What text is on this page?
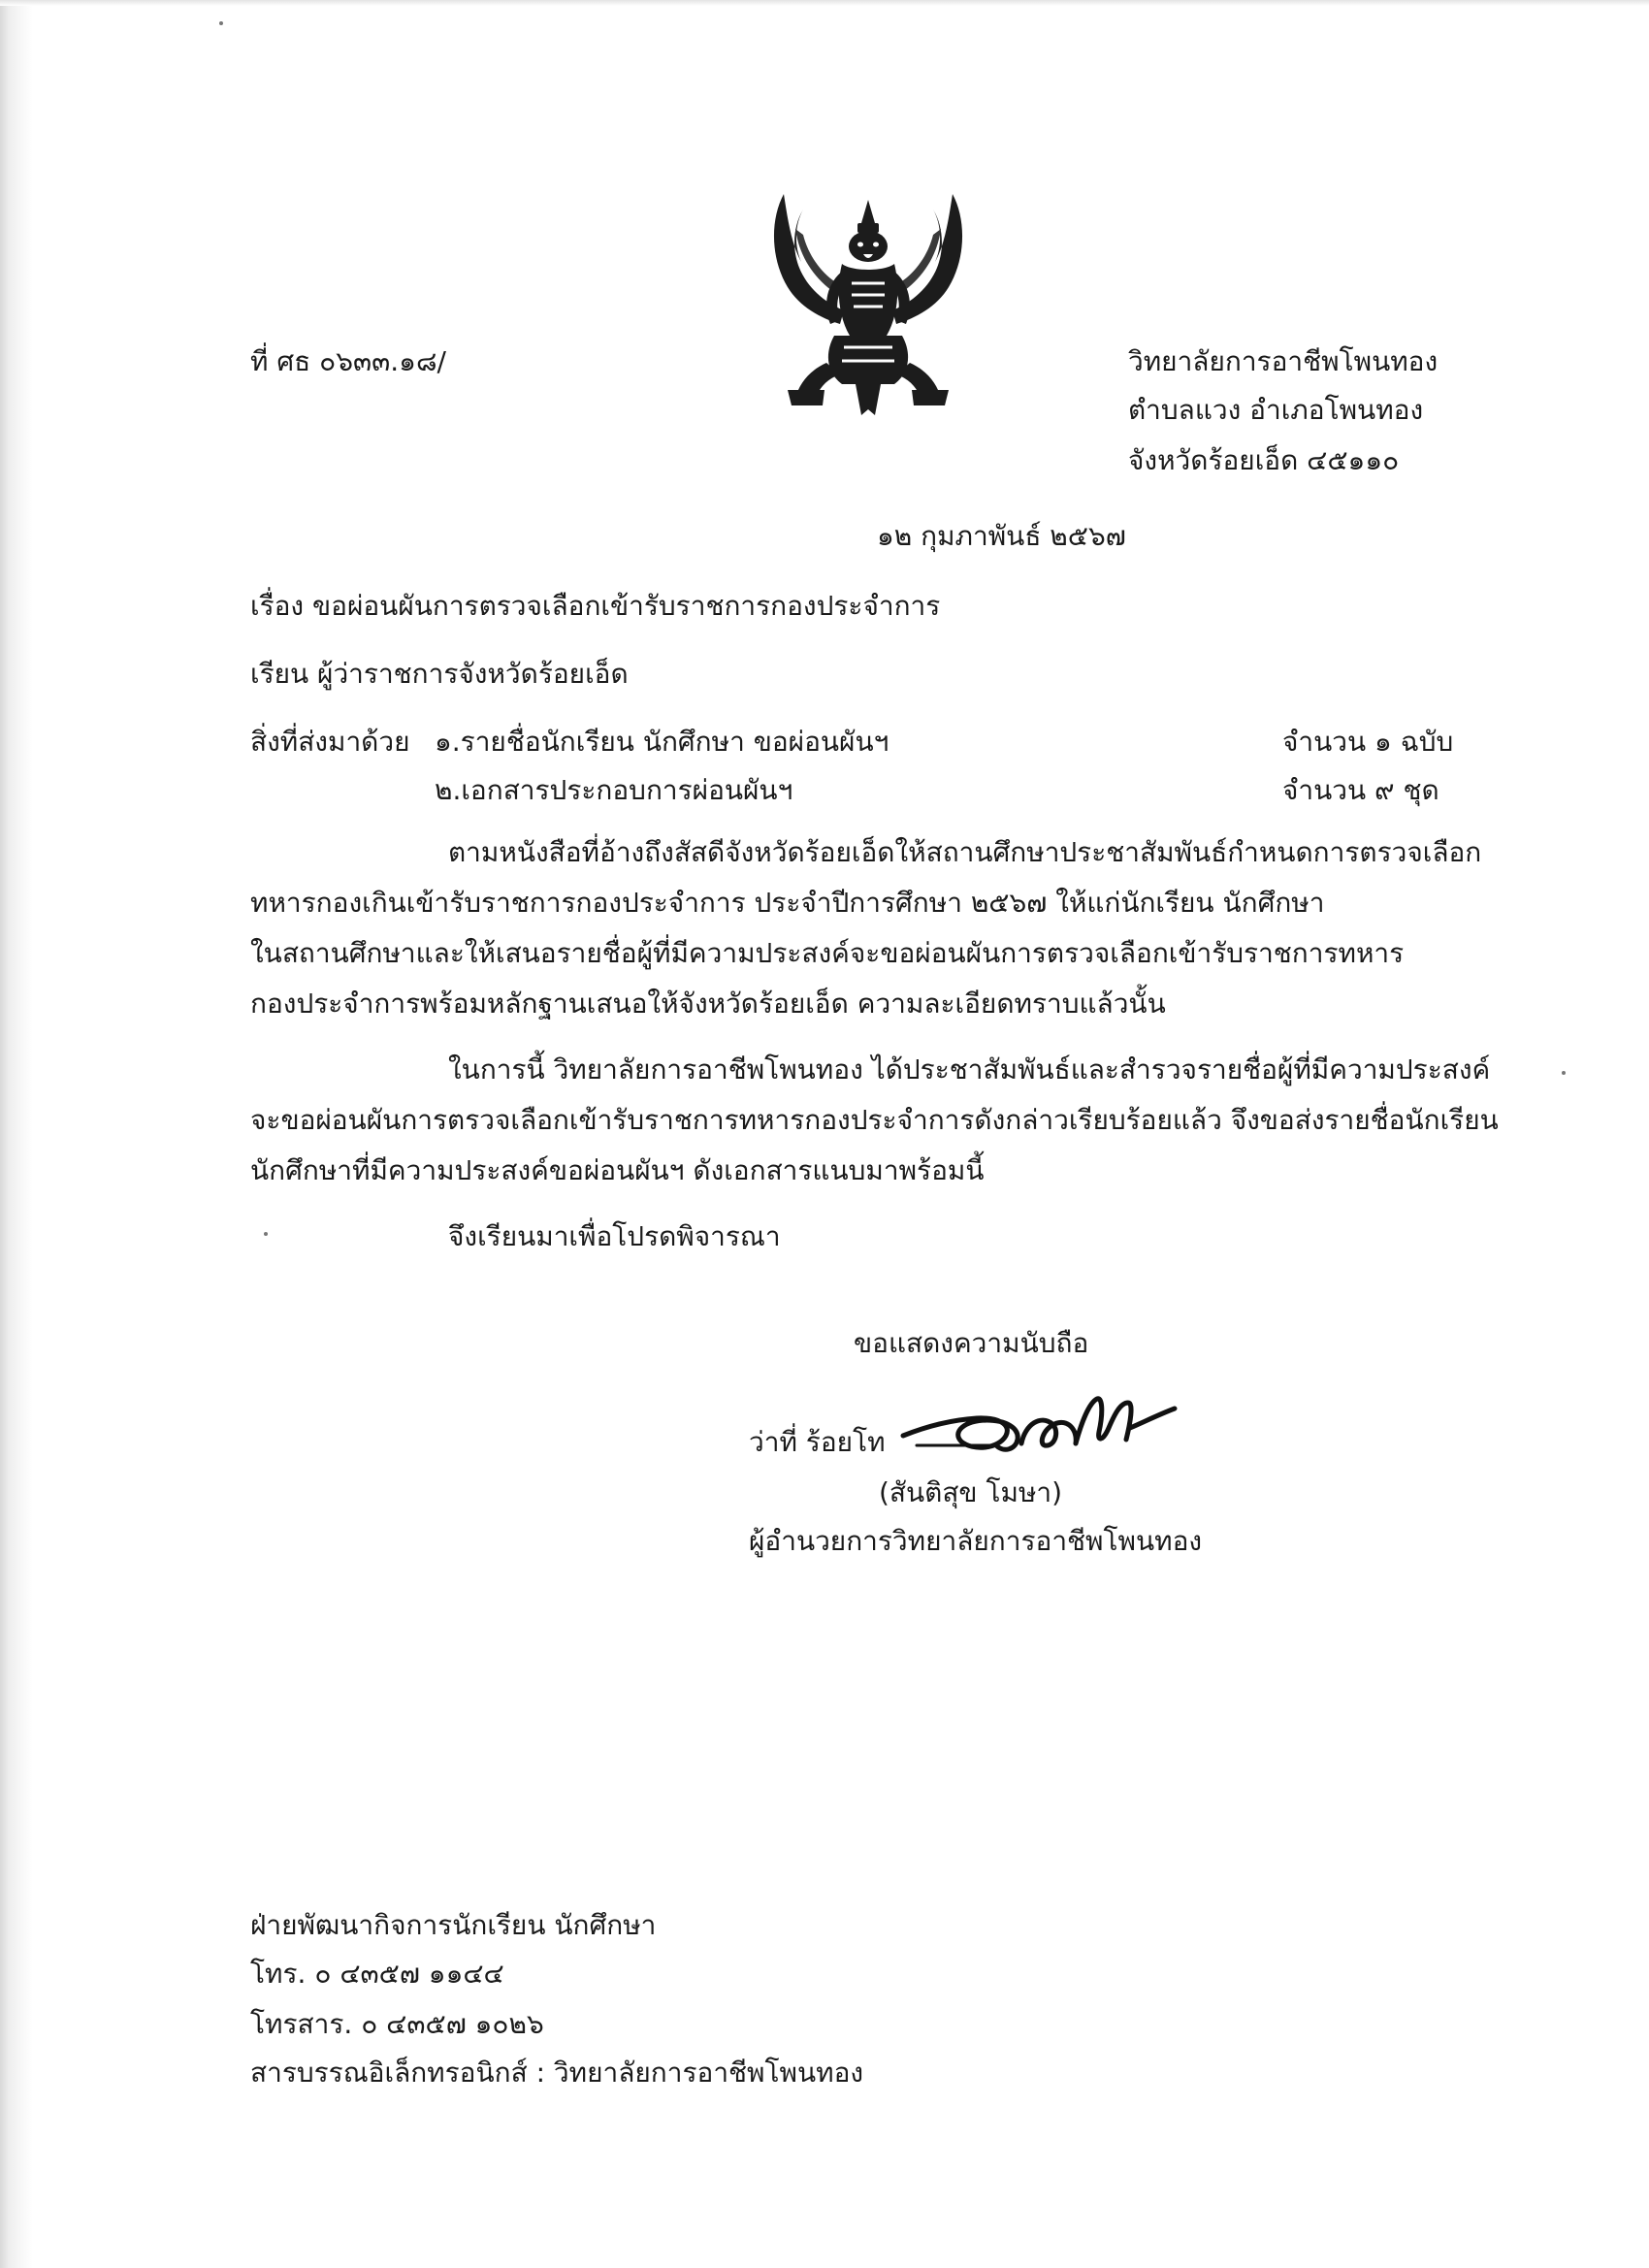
ที่ ศธ ๐๖๓๓.๑๘/	วิทยาลัยการอาชีพโพนทอง
ตำบลแวง อำเภอโพนทอง
จังหวัดร้อยเอ็ด ๔๕๑๑๐
๑๒ กุมภาพันธ์ ๒๕๖๗
เรื่อง ขอผ่อนผันการตรวจเลือกเข้ารับราชการกองประจำการ
เรียน ผู้ว่าราชการจังหวัดร้อยเอ็ด
สิ่งที่ส่งมาด้วย ๑.รายชื่อนักเรียน นักศึกษา ขอผ่อนผันฯ	จำนวน ๑ ฉบับ
๒.เอกสารประกอบการผ่อนผันฯ	จำนวน ๙ ชุด
ตามหนังสือที่อ้างถึงสัสดีจังหวัดร้อยเอ็ดให้สถานศึกษาประชาสัมพันธ์กำหนดการตรวจเลือก
ทหารกองเกินเข้ารับราชการกองประจำการ ประจำปีการศึกษา ๒๕๖๗ ให้แก่นักเรียน นักศึกษา
ในสถานศึกษาและให้เสนอรายชื่อผู้ที่มีความประสงค์จะขอผ่อนผันการตรวจเลือกเข้ารับราชการทหาร
กองประจำการพร้อมหลักฐานเสนอให้จังหวัดร้อยเอ็ด ความละเอียดทราบแล้วนั้น
ในการนี้ วิทยาลัยการอาชีพโพนทอง ได้ประชาสัมพันธ์และสำรวจรายชื่อผู้ที่มีความประสงค์
จะขอผ่อนผันการตรวจเลือกเข้ารับราชการทหารกองประจำการดังกล่าวเรียบร้อยแล้ว จึงขอส่งรายชื่อนักเรียน
นักศึกษาที่มีความประสงค์ขอผ่อนผันฯ ดังเอกสารแนบมาพร้อมนี้
จึงเรียนมาเพื่อโปรดพิจารณา
ขอแสดงความนับถือ
ว่าที่ ร้อยโท
(สันติสุข โมษา)
ผู้อำนวยการวิทยาลัยการอาชีพโพนทอง
ฝ่ายพัฒนากิจการนักเรียน นักศึกษา
โทร. ๐ ๔๓๕๗ ๑๑๔๔
โทรสาร. ๐ ๔๓๕๗ ๑๐๒๖
สารบรรณอิเล็กทรอนิกส์ : วิทยาลัยการอาชีพโพนทอง
